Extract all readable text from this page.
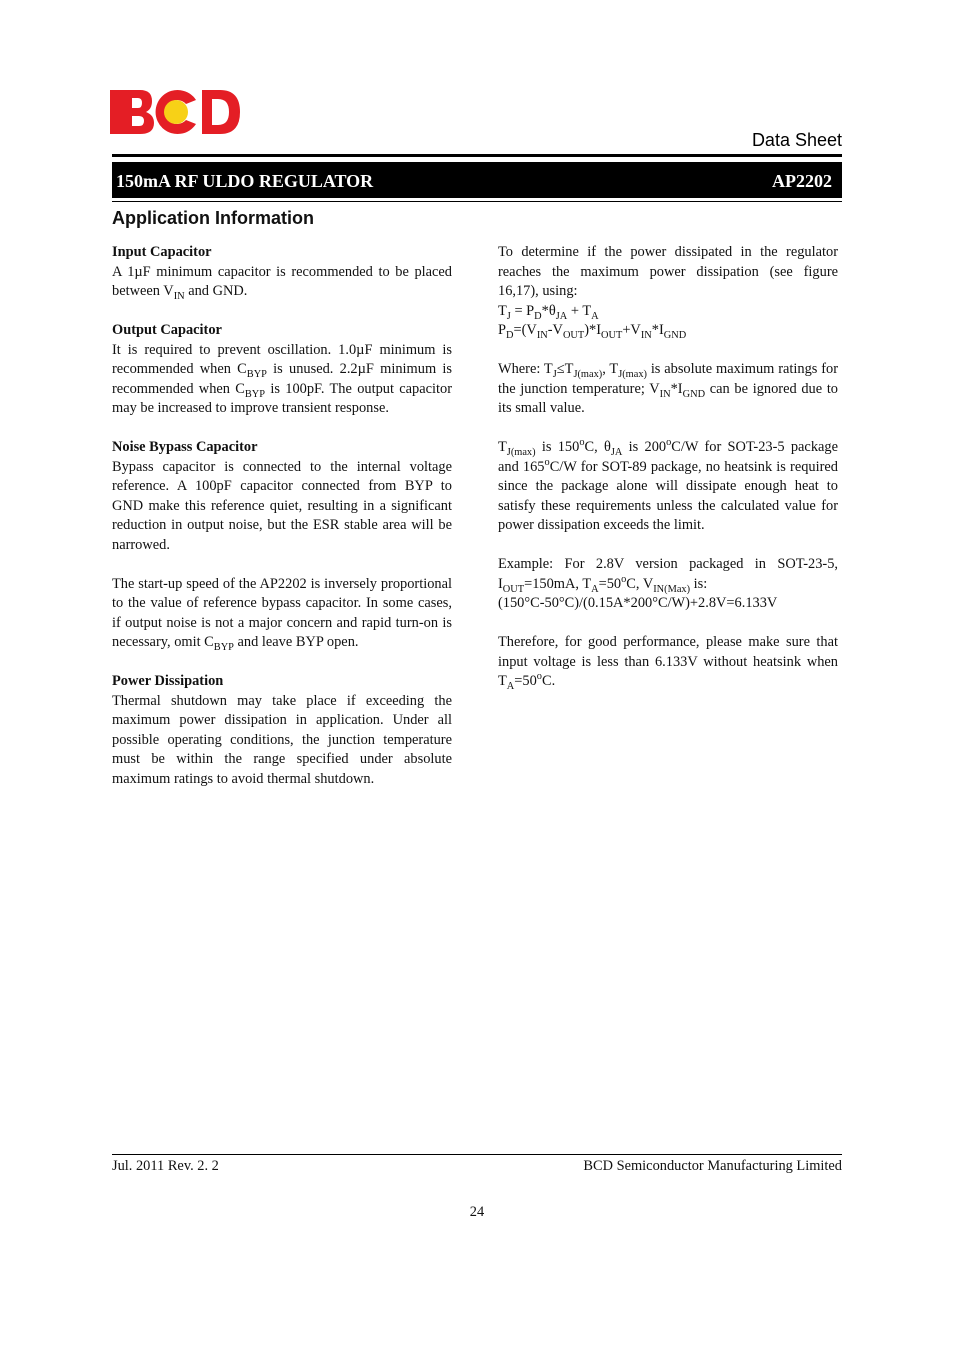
Data Sheet
150mA RF ULDO REGULATOR	AP2202
Application Information
Input Capacitor

A 1µF minimum capacitor is recommended to be placed between $V_{IN}$ and GND.

Output Capacitor

It is required to prevent oscillation. 1.0µF minimum is recommended when $C_{BYP}$ is unused. 2.2µF minimum is recommended when $C_{BYP}$ is 100pF. The output capacitor may be increased to improve transient response.

Noise Bypass Capacitor

Bypass capacitor is connected to the internal voltage reference. A 100pF capacitor connected from BYP to GND make this reference quiet, resulting in a significant reduction in output noise, but the ESR stable area will be narrowed.

The start-up speed of the AP2202 is inversely proportional to the value of reference bypass capacitor. In some cases, if output noise is not a major concern and rapid turn-on is necessary, omit $C_{BYP}$ and leave BYP open.

Power Dissipation

Thermal shutdown may take place if exceeding the maximum power dissipation in application. Under all possible operating conditions, the junction temperature must be within the range specified under absolute maximum ratings to avoid thermal shutdown.

To determine if the power dissipated in the regulator reaches the maximum power dissipation (see figure 16,17), using:

$T_J = P_D*\theta_{JA} + T_A$

$P_D=(V_{IN}-V_{OUT})*I_{OUT}+V_{IN}*I_{GND}$

Where: $T_J\le T_{J(max)}$, $T_{J(max)}$ is absolute maximum ratings for the junction temperature; $V_{IN}*I_{GND}$ can be ignored due to its small value.

$T_{J(max)}$ is 150$^o$C, $\theta_{JA}$ is 200$^o$C/W for SOT-23-5 package and 165$^o$C/W for SOT-89 package, no heatsink is required since the package alone will dissipate enough heat to satisfy these requirements unless the calculated value for power dissipation exceeds the limit.

Example: For 2.8V version packaged in SOT-23-5, $I_{OUT}=150mA$, $T_A=50^oC$, $V_{IN(Max)}$ is:

(150°C-50°C)/(0.15A*200°C/W)+2.8V=6.133V

Therefore, for good performance, please make sure that input voltage is less than 6.133V without heatsink when $T_A=50^oC$.

Jul. 2011 Rev. 2. 2	BCD Semiconductor Manufacturing Limited
24
